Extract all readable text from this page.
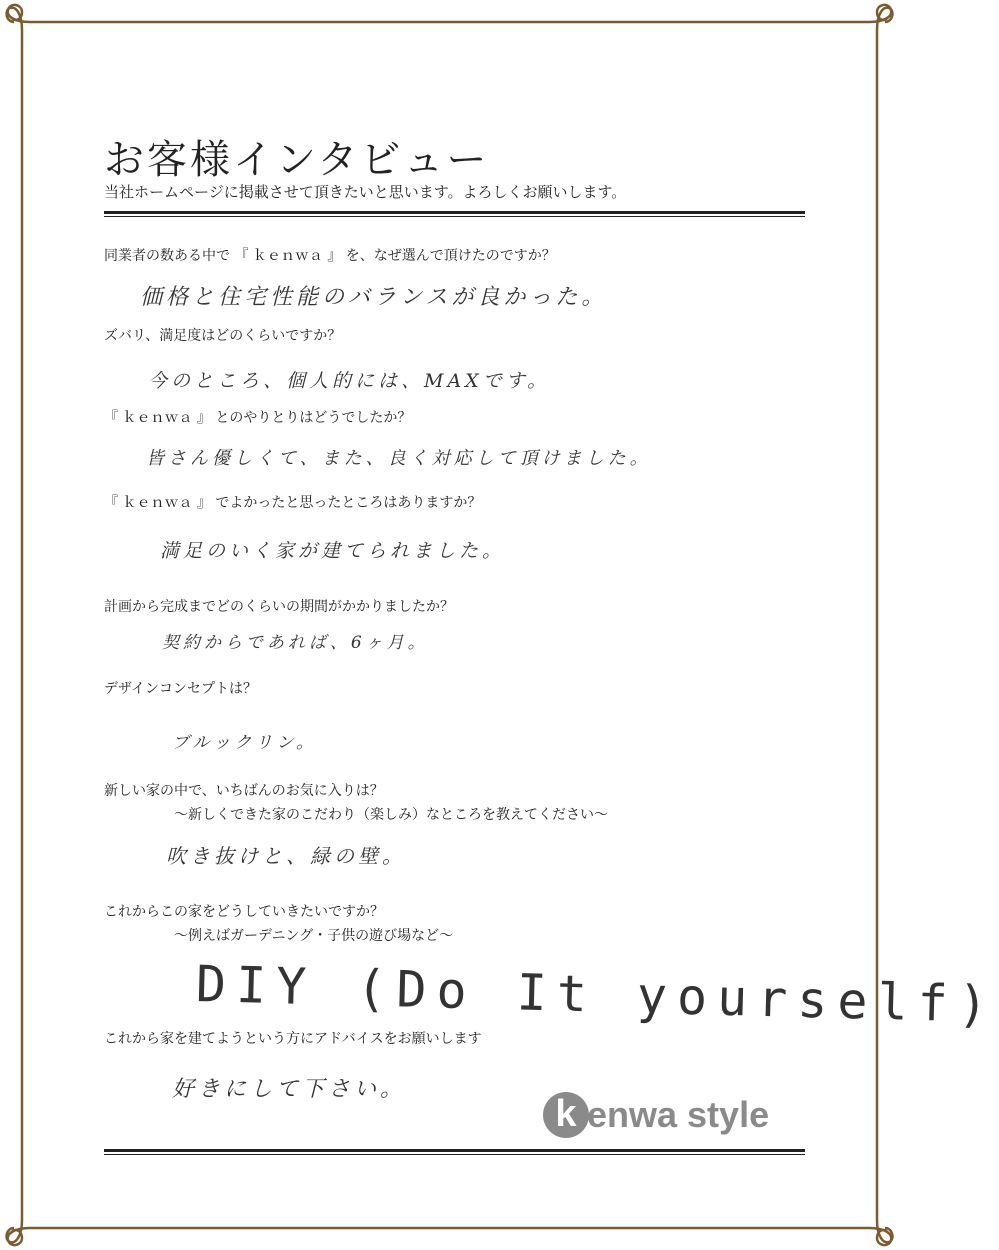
お客様インタビュー
当社ホームページに掲載させて頂きたいと思います。よろしくお願いします。
同業者の数ある中で 『 ｋｅｎｗａ 』 を、なぜ選んで頂けたのですか？
価格と住宅性能のバランスが良かった。
ズバリ、満足度はどのくらいですか？
今のところ、個人的には、MAXです。
『 ｋｅｎｗａ 』 とのやりとりはどうでしたか？
皆さん優しくて、また、良く対応して頂けました。
『 ｋｅｎｗａ 』 でよかったと思ったところはありますか？
満足のいく家が建てられました。
計画から完成までどのくらいの期間がかかりましたか？
契約からであれば、6ヶ月。
デザインコンセプトは？
ブルックリン。
新しい家の中で、いちばんのお気に入りは？
～新しくできた家のこだわり（楽しみ）なところを教えてください～
吹き抜けと、緑の壁。
これからこの家をどうしていきたいですか？
～例えばガーデニング・子供の遊び場など～
DIY (Do It yourself)
これから家を建てようという方にアドバイスをお願いします
好きにして下さい。
k enwa style
